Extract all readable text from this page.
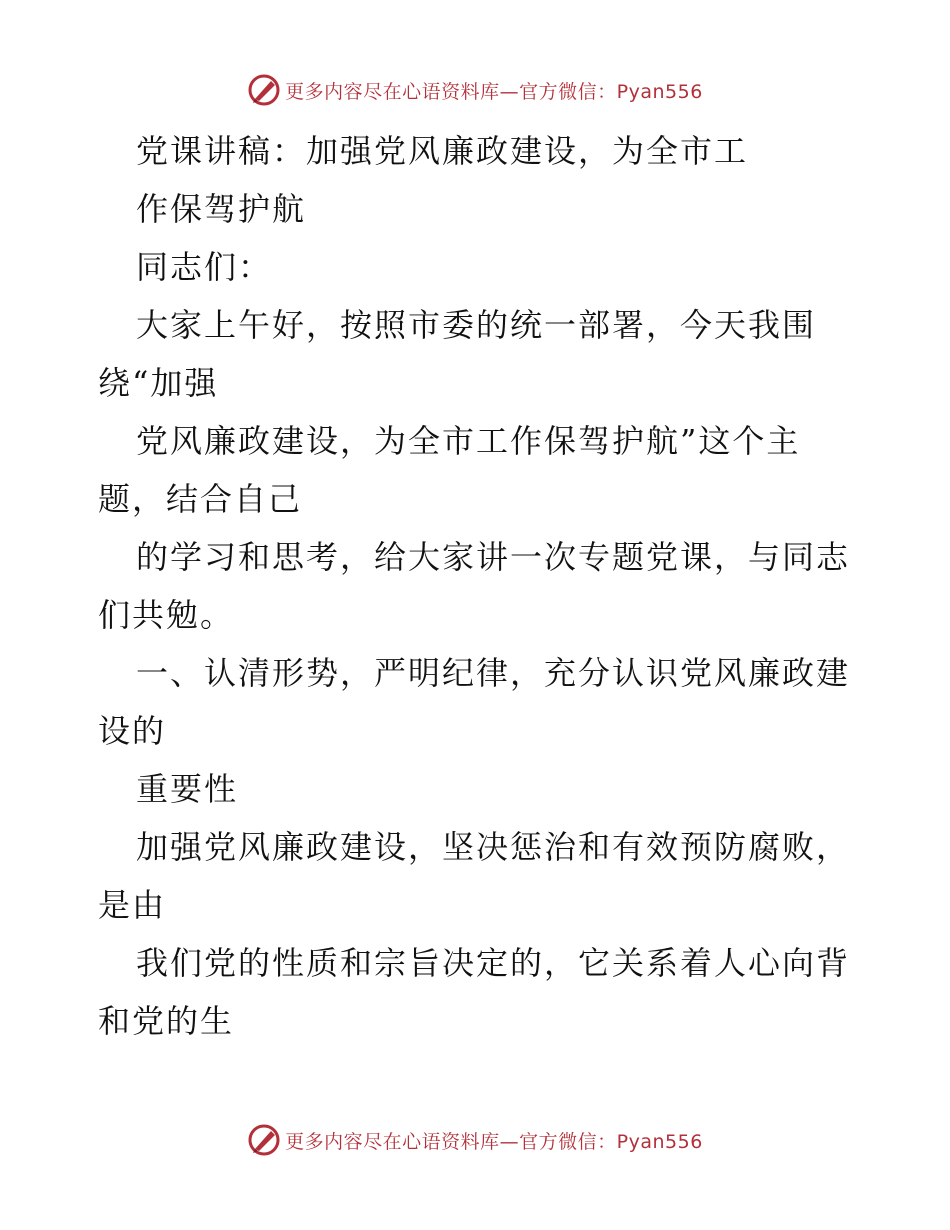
更多内容尽在心语资料库—官方微信：Pyan556
党课讲稿：加强党风廉政建设，为全市工
作保驾护航
同志们：
大家上午好，按照市委的统一部署，今天我围
绕“加强
党风廉政建设，为全市工作保驾护航”这个主
题，结合自己
的学习和思考，给大家讲一次专题党课，与同志
们共勉。
一、认清形势，严明纪律，充分认识党风廉政建
设的
重要性
加强党风廉政建设，坚决惩治和有效预防腐败，
是由
我们党的性质和宗旨决定的，它关系着人心向背
和党的生
更多内容尽在心语资料库—官方微信：Pyan556
